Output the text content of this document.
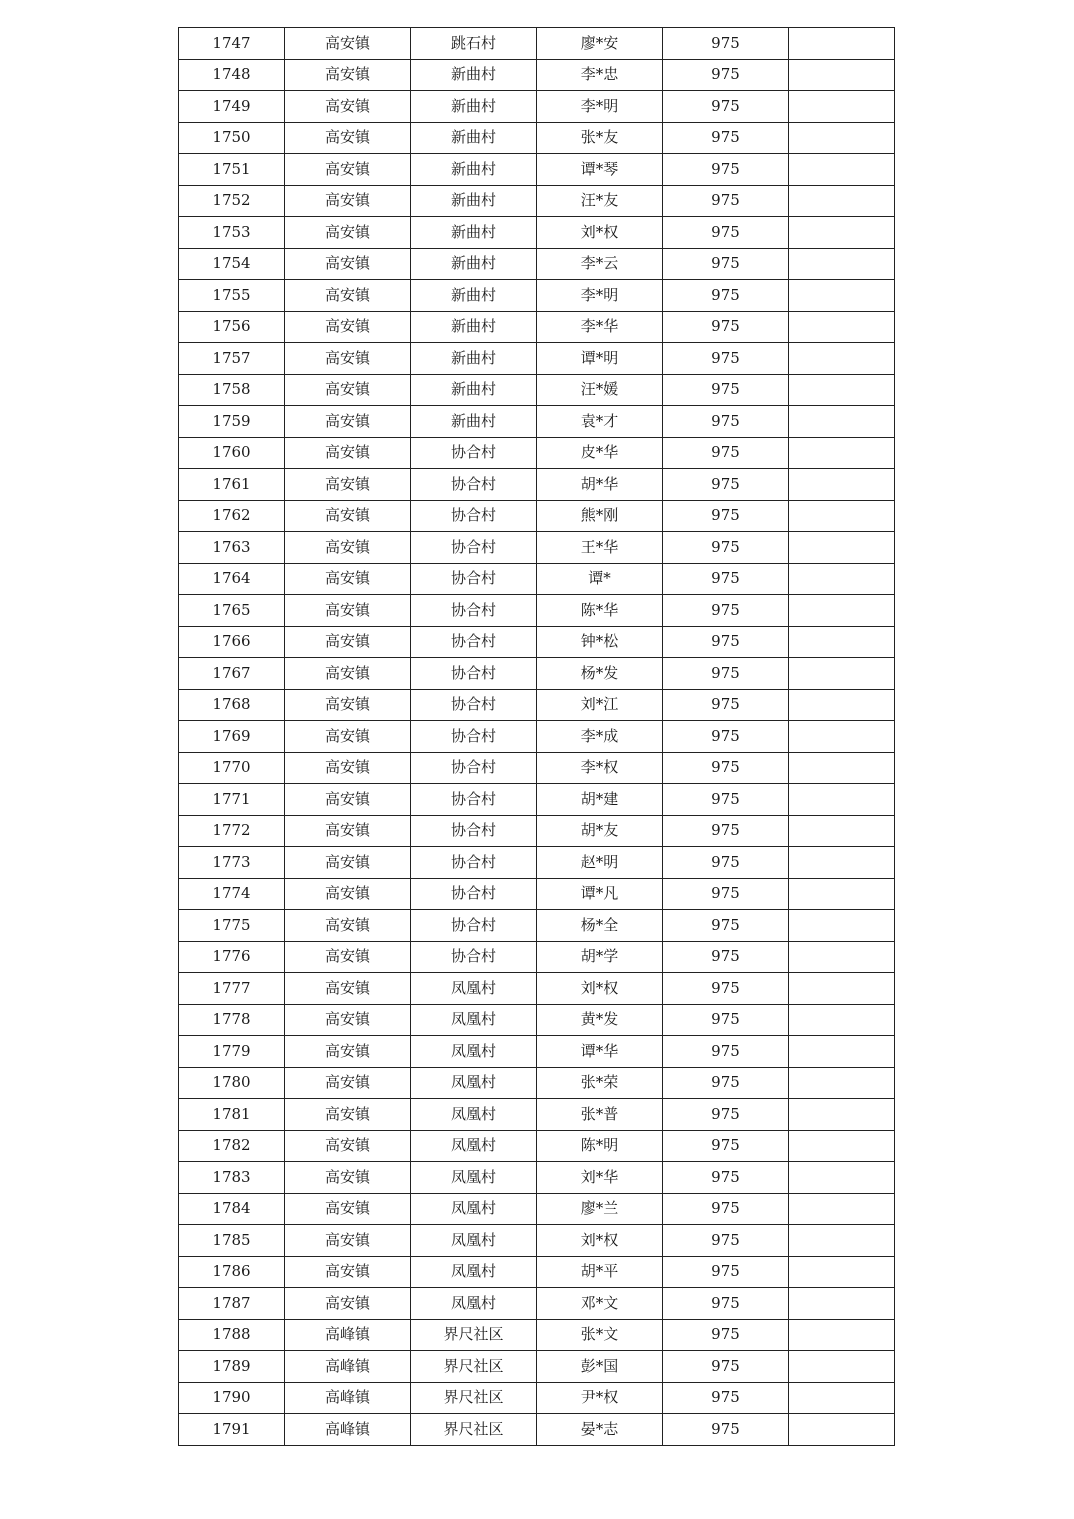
1747	高安镇	跳石村	廖*安	975	
1748	高安镇	新曲村	李*忠	975	
1749	高安镇	新曲村	李*明	975	
1750	高安镇	新曲村	张*友	975	
1751	高安镇	新曲村	谭*琴	975	
1752	高安镇	新曲村	汪*友	975	
1753	高安镇	新曲村	刘*权	975	
1754	高安镇	新曲村	李*云	975	
1755	高安镇	新曲村	李*明	975	
1756	高安镇	新曲村	李*华	975	
1757	高安镇	新曲村	谭*明	975	
1758	高安镇	新曲村	汪*媛	975	
1759	高安镇	新曲村	袁*才	975	
1760	高安镇	协合村	皮*华	975	
1761	高安镇	协合村	胡*华	975	
1762	高安镇	协合村	熊*刚	975	
1763	高安镇	协合村	王*华	975	
1764	高安镇	协合村	谭*	975	
1765	高安镇	协合村	陈*华	975	
1766	高安镇	协合村	钟*松	975	
1767	高安镇	协合村	杨*发	975	
1768	高安镇	协合村	刘*江	975	
1769	高安镇	协合村	李*成	975	
1770	高安镇	协合村	李*权	975	
1771	高安镇	协合村	胡*建	975	
1772	高安镇	协合村	胡*友	975	
1773	高安镇	协合村	赵*明	975	
1774	高安镇	协合村	谭*凡	975	
1775	高安镇	协合村	杨*全	975	
1776	高安镇	协合村	胡*学	975	
1777	高安镇	凤凰村	刘*权	975	
1778	高安镇	凤凰村	黄*发	975	
1779	高安镇	凤凰村	谭*华	975	
1780	高安镇	凤凰村	张*荣	975	
1781	高安镇	凤凰村	张*普	975	
1782	高安镇	凤凰村	陈*明	975	
1783	高安镇	凤凰村	刘*华	975	
1784	高安镇	凤凰村	廖*兰	975	
1785	高安镇	凤凰村	刘*权	975	
1786	高安镇	凤凰村	胡*平	975	
1787	高安镇	凤凰村	邓*文	975	
1788	高峰镇	界尺社区	张*文	975	
1789	高峰镇	界尺社区	彭*国	975	
1790	高峰镇	界尺社区	尹*权	975	
1791	高峰镇	界尺社区	晏*志	975	
